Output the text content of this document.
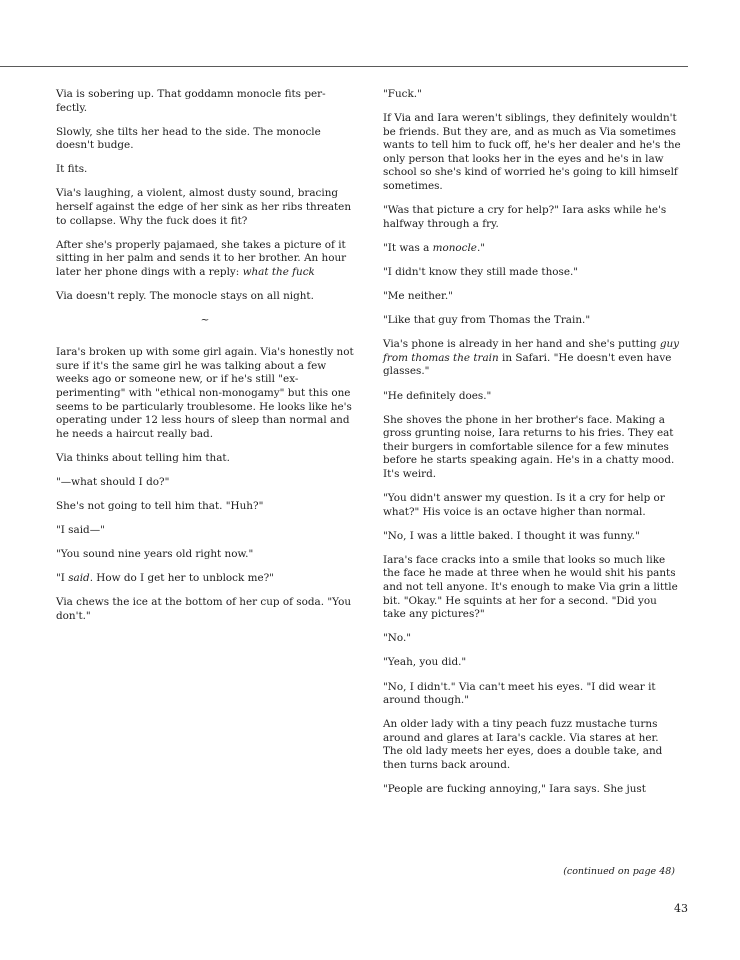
Via is sobering up. That goddamn monocle fits per- fectly.

Slowly, she tilts her head to the side. The monocle doesn't budge.

It fits.

Via's laughing, a violent, almost dusty sound, bracing herself against the edge of her sink as her ribs threaten to collapse. Why the fuck does it fit?

After she's properly pajamaed, she takes a picture of it sitting in her palm and sends it to her brother. An hour later her phone dings with a reply: what the fuck

Via doesn't reply. The monocle stays on all night.

~

Iara's broken up with some girl again. Via's honestly not sure if it's the same girl he was talking about a few weeks ago or someone new, or if he's still "ex- perimenting" with "ethical non-monogamy" but this one seems to be particularly troublesome. He looks like he's operating under 12 less hours of sleep than normal and he needs a haircut really bad.

Via thinks about telling him that.

"—what should I do?"

She's not going to tell him that. "Huh?"

"I said—"

"You sound nine years old right now."

"I said. How do I get her to unblock me?"

Via chews the ice at the bottom of her cup of soda. "You don't."

"Fuck."

If Via and Iara weren't siblings, they definitely wouldn't be friends. But they are, and as much as Via sometimes wants to tell him to fuck off, he's her dealer and he's the only person that looks her in the eyes and he's in law school so she's kind of worried he's going to kill himself sometimes.

"Was that picture a cry for help?" Iara asks while he's halfway through a fry.

"It was a monocle."

"I didn't know they still made those."

"Me neither."

"Like that guy from Thomas the Train."

Via's phone is already in her hand and she's putting guy from thomas the train in Safari. "He doesn't even have glasses."

"He definitely does."

She shoves the phone in her brother's face. Making a gross grunting noise, Iara returns to his fries. They eat their burgers in comfortable silence for a few minutes before he starts speaking again. He's in a chatty mood. It's weird.

"You didn't answer my question. Is it a cry for help or what?" His voice is an octave higher than normal.

"No, I was a little baked. I thought it was funny."

Iara's face cracks into a smile that looks so much like the face he made at three when he would shit his pants and not tell anyone. It's enough to make Via grin a little bit. "Okay." He squints at her for a second. "Did you take any pictures?"

"No."

"Yeah, you did."

"No, I didn't." Via can't meet his eyes. "I did wear it around though."

An older lady with a tiny peach fuzz mustache turns around and glares at Iara's cackle. Via stares at her. The old lady meets her eyes, does a double take, and then turns back around.

"People are fucking annoying," Iara says. She just

(continued on page 48)
43
